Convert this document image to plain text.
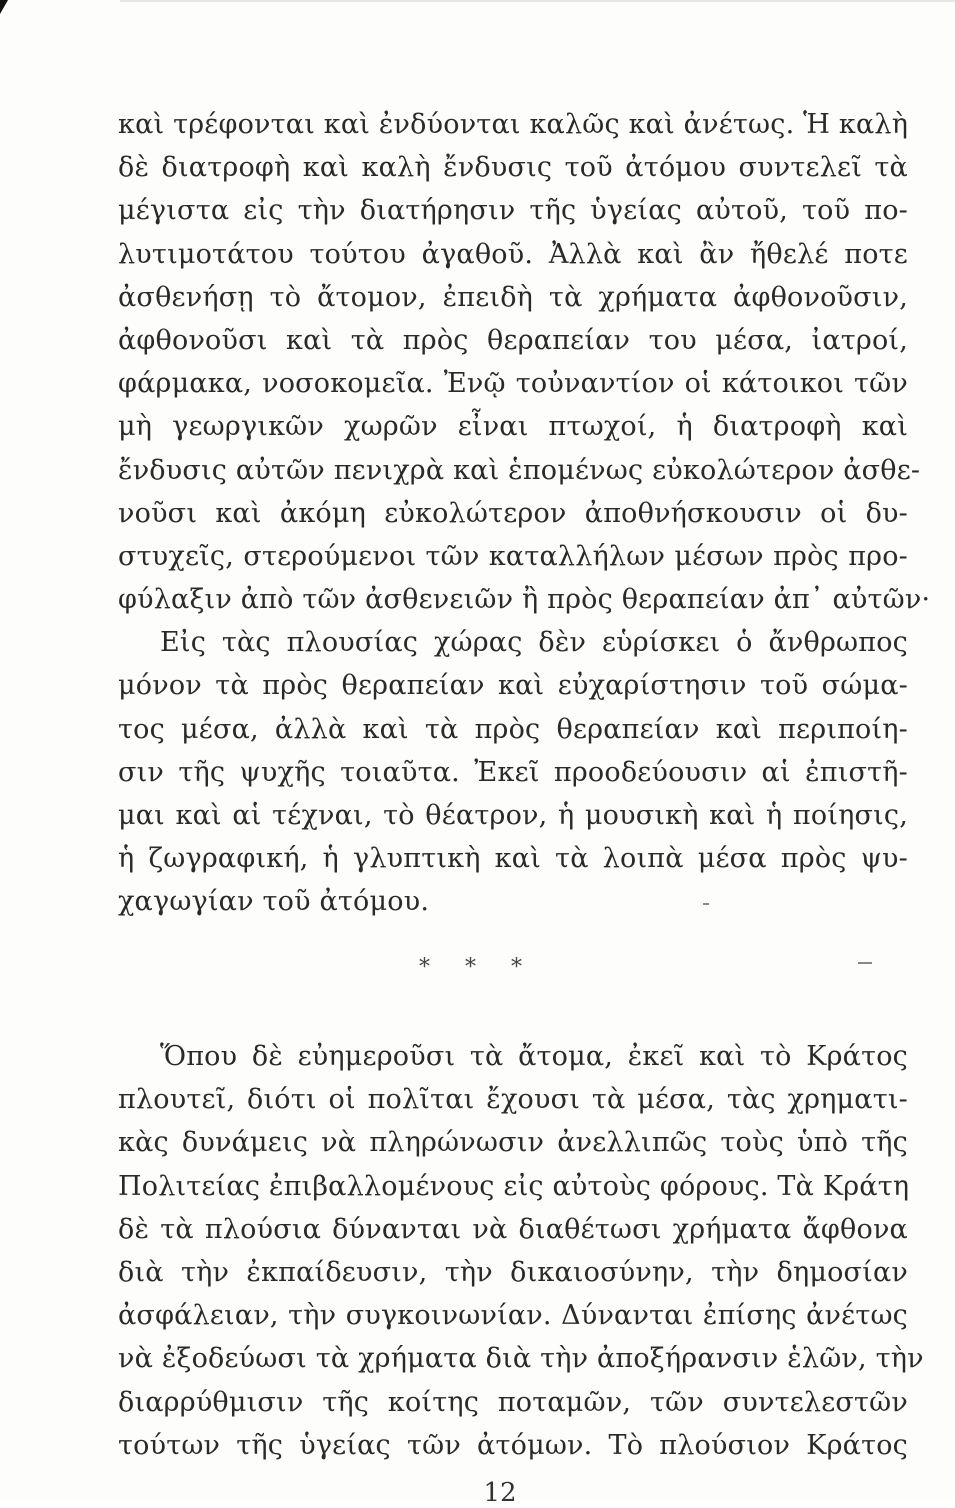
καὶ τρέφονται καὶ ἐνδύονται καλῶς καὶ ἀνέτως. Ἡ καλὴ
δὲ διατροφὴ καὶ καλὴ ἔνδυσις τοῦ ἀτόμου συντελεῖ τὰ
μέγιστα εἰς τὴν διατήρησιν τῆς ὑγείας αὐτοῦ, τοῦ πο-
λυτιμοτάτου τούτου ἀγαθοῦ. Ἀλλὰ καὶ ἂν ἤθελέ ποτε
ἀσθενήσῃ τὸ ἄτομον, ἐπειδὴ τὰ χρήματα ἀφθονοῦσιν,
ἀφθονοῦσι καὶ τὰ πρὸς θεραπείαν του μέσα, ἰατροί,
φάρμακα, νοσοκομεῖα. Ἐνῷ τοὐναντίον οἱ κάτοικοι τῶν
μὴ γεωργικῶν χωρῶν εἶναι πτωχοί, ἡ διατροφὴ καὶ
ἔνδυσις αὐτῶν πενιχρὰ καὶ ἑπομένως εὐκολώτερον ἀσθε-
νοῦσι καὶ ἀκόμη εὐκολώτερον ἀποθνήσκουσιν οἱ δυ-
στυχεῖς, στερούμενοι τῶν καταλλήλων μέσων πρὸς προ-
φύλαξιν ἀπὸ τῶν ἀσθενειῶν ἢ πρὸς θεραπείαν ἀπ᾽ αὐτῶν·
Εἰς τὰς πλουσίας χώρας δὲν εὑρίσκει ὁ ἄνθρωπος
μόνον τὰ πρὸς θεραπείαν καὶ εὐχαρίστησιν τοῦ σώμα-
τος μέσα, ἀλλὰ καὶ τὰ πρὸς θεραπείαν καὶ περιποίη-
σιν τῆς ψυχῆς τοιαῦτα. Ἐκεῖ προοδεύουσιν αἱ ἐπιστῆ-
μαι καὶ αἱ τέχναι, τὸ θέατρον, ἡ μουσικὴ καὶ ἡ ποίησις,
ἡ ζωγραφική, ἡ γλυπτικὴ καὶ τὰ λοιπὰ μέσα πρὸς ψυ-
χαγωγίαν τοῦ ἀτόμου.
* * *
Ὅπου δὲ εὐημεροῦσι τὰ ἄτομα, ἐκεῖ καὶ τὸ Κράτος
πλουτεῖ, διότι οἱ πολῖται ἔχουσι τὰ μέσα, τὰς χρηματι-
κὰς δυνάμεις νὰ πληρώνωσιν ἀνελλιπῶς τοὺς ὑπὸ τῆς
Πολιτείας ἐπιβαλλομένους εἰς αὐτοὺς φόρους. Τὰ Κράτη
δὲ τὰ πλούσια δύνανται νὰ διαθέτωσι χρήματα ἄφθονα
διὰ τὴν ἐκπαίδευσιν, τὴν δικαιοσύνην, τὴν δημοσίαν
ἀσφάλειαν, τὴν συγκοινωνίαν. Δύνανται ἐπίσης ἀνέτως
νὰ ἐξοδεύωσι τὰ χρήματα διὰ τὴν ἀποξήρανσιν ἑλῶν, τὴν
διαρρύθμισιν τῆς κοίτης ποταμῶν, τῶν συντελεστῶν
τούτων τῆς ὑγείας τῶν ἀτόμων. Τὸ πλούσιον Κράτος
12
